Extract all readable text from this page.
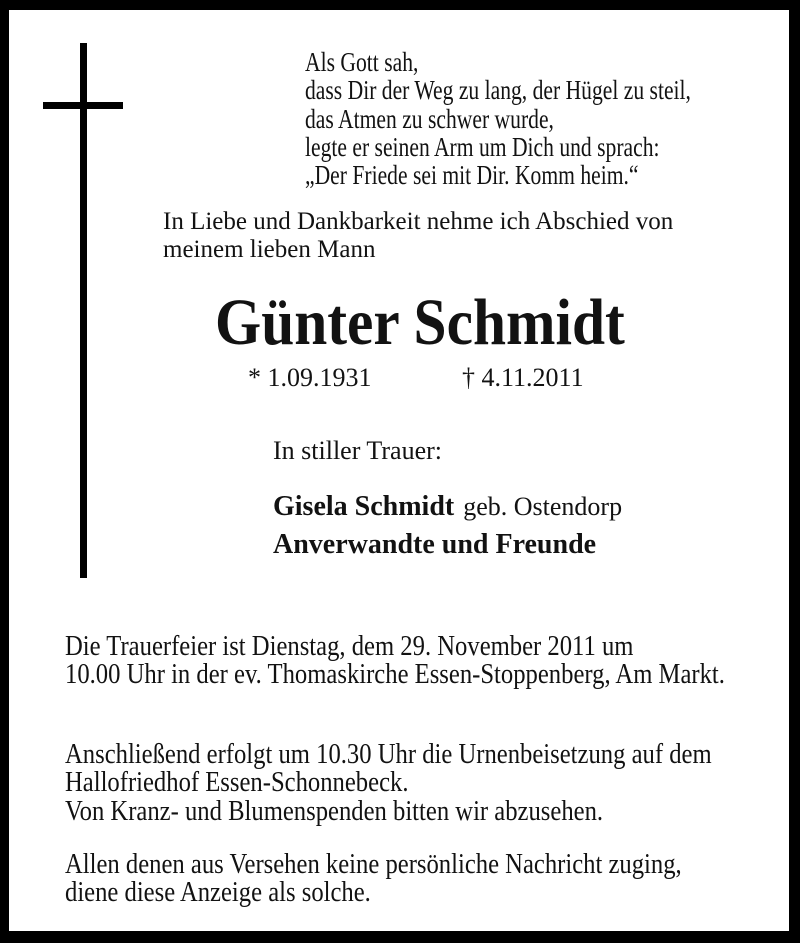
Als Gott sah,
dass Dir der Weg zu lang, der Hügel zu steil,
das Atmen zu schwer wurde,
legte er seinen Arm um Dich und sprach:
„Der Friede sei mit Dir. Komm heim.“
In Liebe und Dankbarkeit nehme ich Abschied von
meinem lieben Mann
Günter Schmidt
* 1.09.1931	† 4.11.2011
In stiller Trauer:
Gisela Schmidt geb. Ostendorp
Anverwandte und Freunde
Die Trauerfeier ist Dienstag, dem 29. November 2011 um
10.00 Uhr in der ev. Thomaskirche Essen-Stoppenberg, Am Markt.
Anschließend erfolgt um 10.30 Uhr die Urnenbeisetzung auf dem
Hallofriedhof Essen-Schonnebeck.
Von Kranz- und Blumenspenden bitten wir abzusehen.
Allen denen aus Versehen keine persönliche Nachricht zuging,
diene diese Anzeige als solche.
